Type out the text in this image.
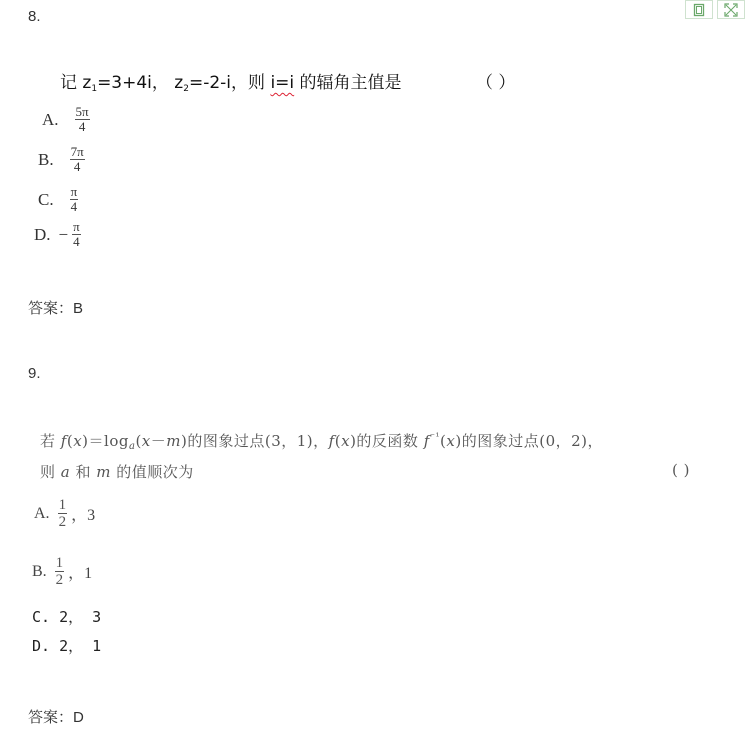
8.
记 $z_1=3+4i$， $z_2=-2-i$，则 i=i 的辐角主值是	（ ）
A. $\frac{5\pi}{4}$
B. $\frac{7\pi}{4}$
C. $\frac{\pi}{4}$
D. − $\frac{\pi}{4}$
答案：B
9.
若 $f(x)=\log_a(x-m)$的图象过点(3，1)，f(x)的反函数 $f^{^{-1}}(x)$的图象过点(0，2)，
则 a 和 m 的值顺次为	( )
A. $\frac{1}{2}$ ，3
B. $\frac{1}{2}$ ，1
C. 2， 3
D. 2， 1
答案：D
